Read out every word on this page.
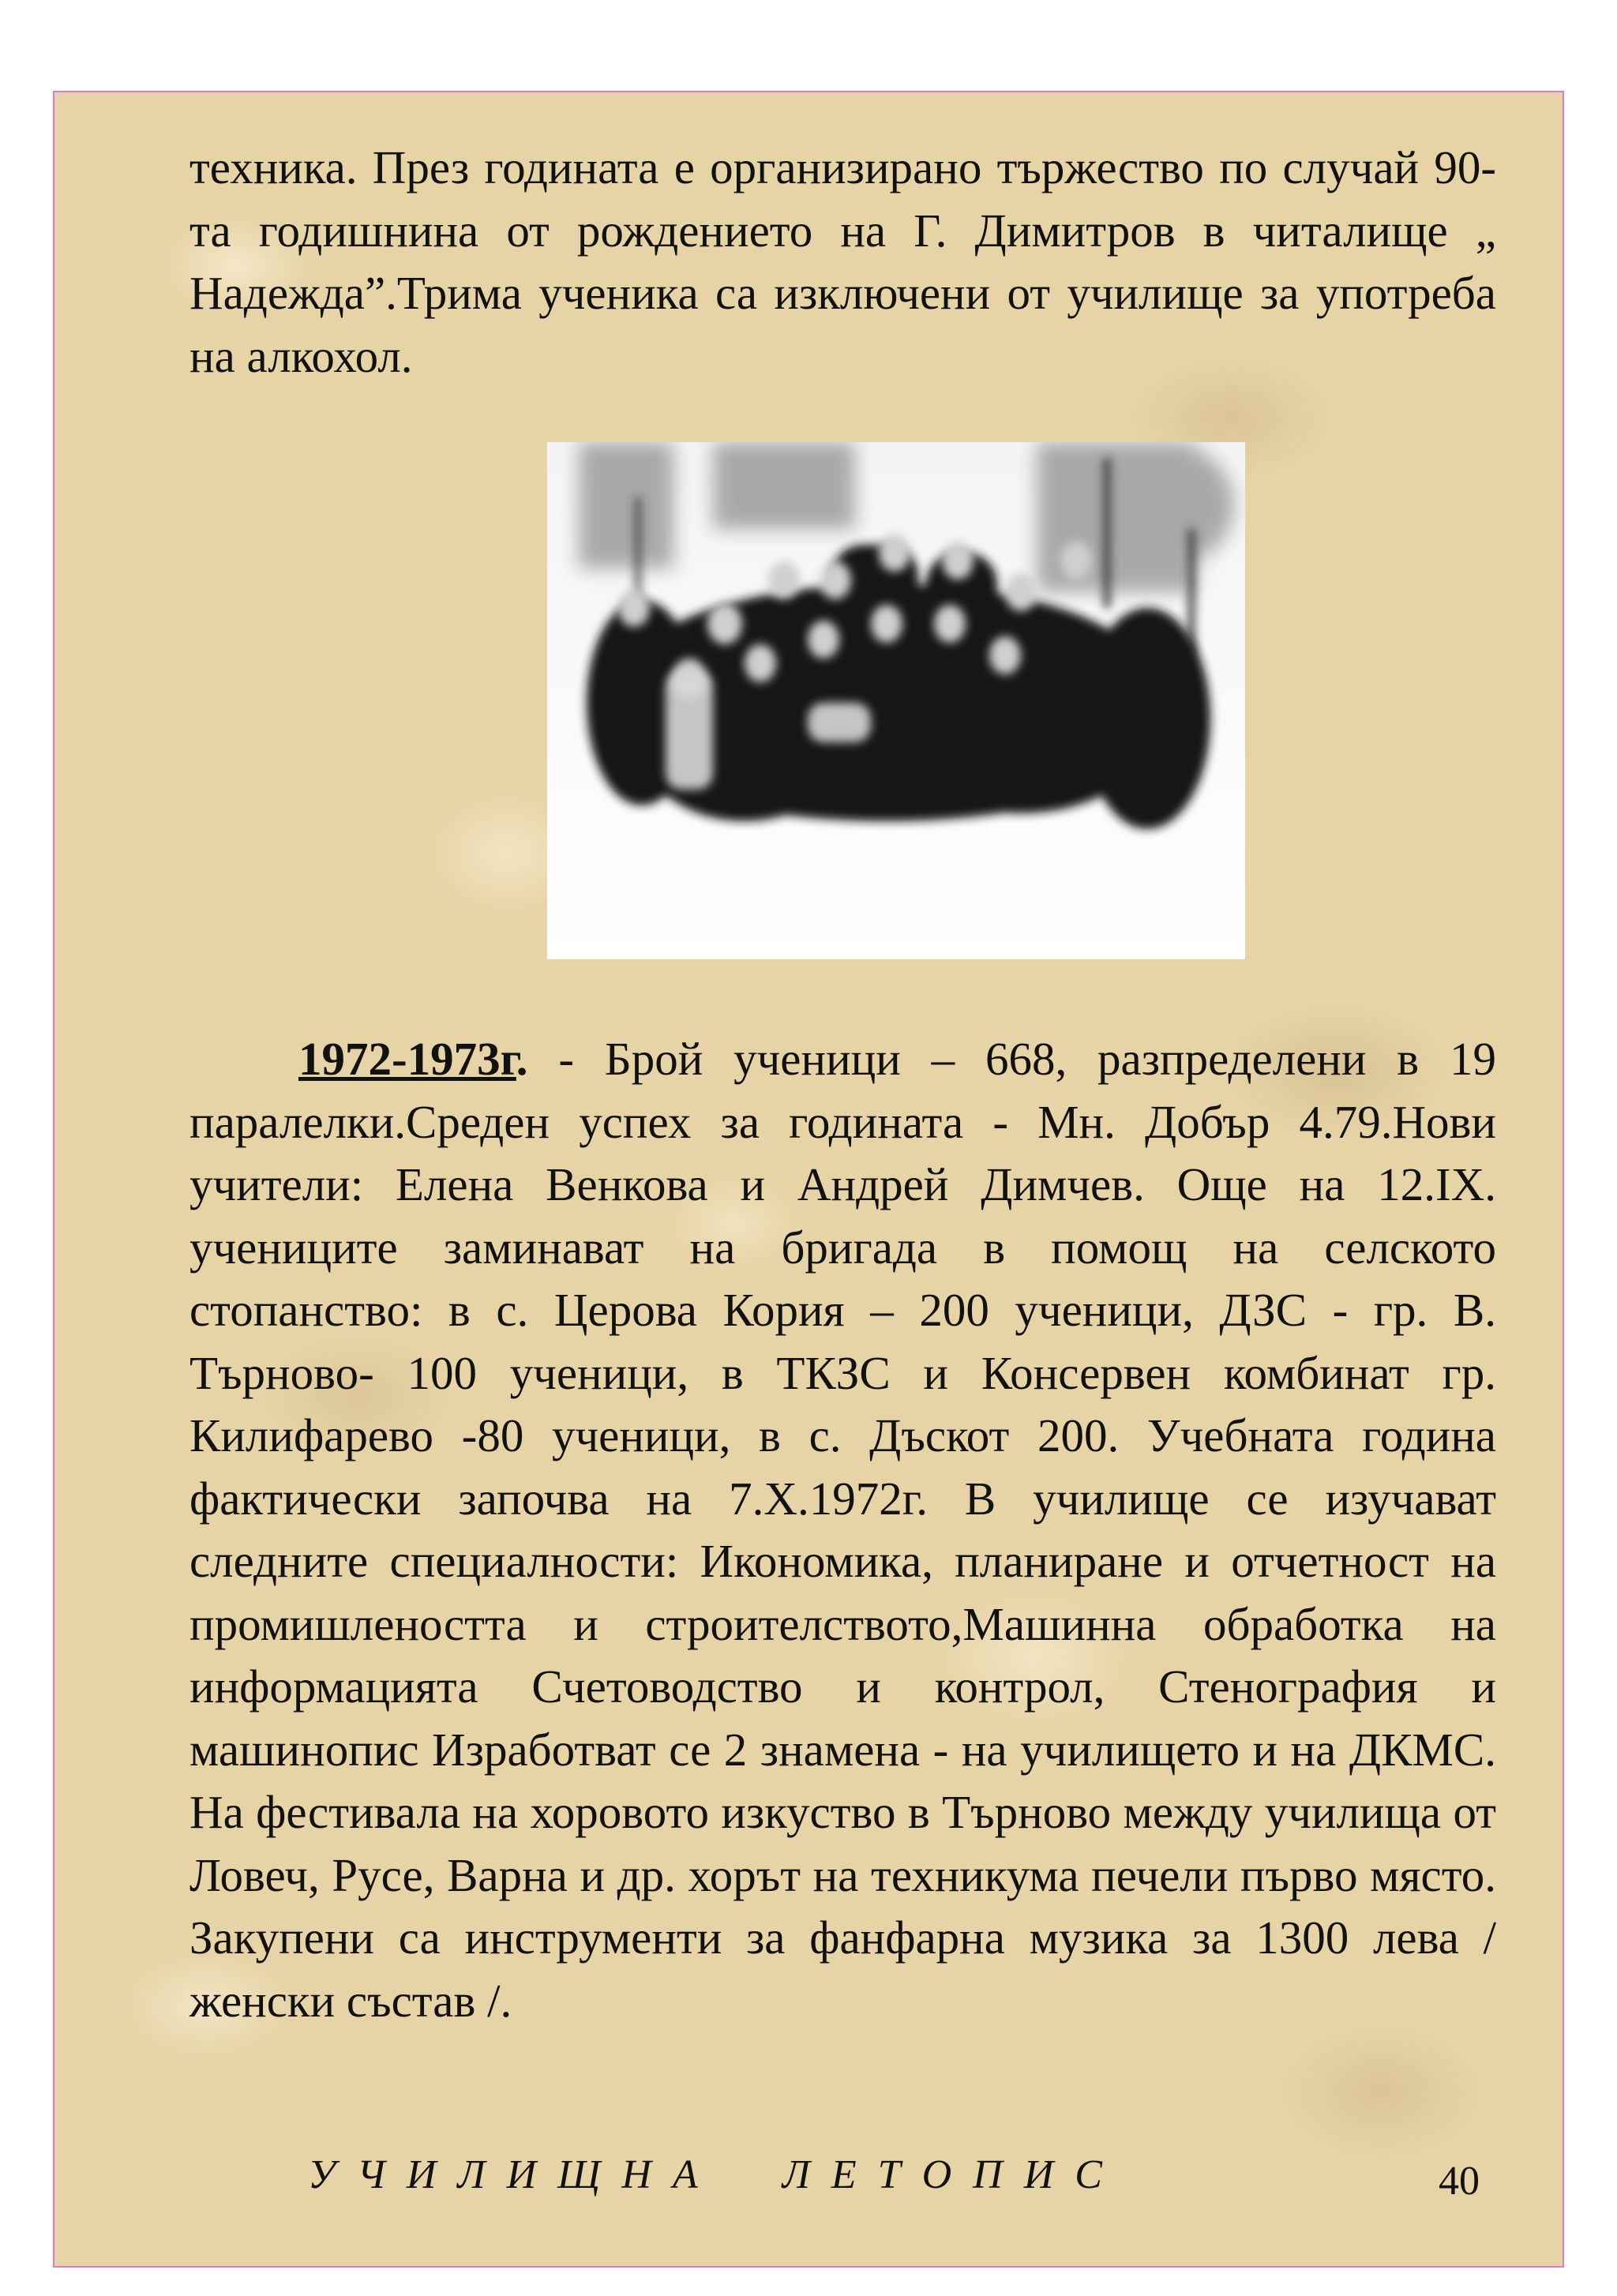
техника. През годината е организирано тържество по случай 90-та годишнина от рождението на Г. Димитров в читалище „ Надежда”.Трима ученика са изключени от училище за употреба на алкохол.

1972-1973г. - Брой ученици – 668, разпределени в 19 паралелки.Среден успех за годината - Мн. Добър 4.79.Нови учители: Елена Венкова и Андрей Димчев. Още на 12.IX. учениците заминават на бригада в помощ на селското стопанство: в с. Церова Кория – 200 ученици, ДЗС - гр. В. Търново- 100 ученици, в ТКЗС и Консервен комбинат гр. Килифарево -80 ученици, в с. Дъскот 200. Учебната година фактически започва на 7.X.1972г. В училище се изучават следните специалности: Икономика, планиране и отчетност на промишлеността и строителството,Машинна обработка на информацията Счетоводство и контрол, Стенография и машинопис Изработват се 2 знамена - на училището и на ДКМС. На фестивала на хоровото изкуство в Търново между училища от Ловеч, Русе, Варна и др. хорът на техникума печели първо място. Закупени са инструменти за фанфарна музика за 1300 лева / женски състав /.

УЧИЛИЩНА  ЛЕТОПИС	40
